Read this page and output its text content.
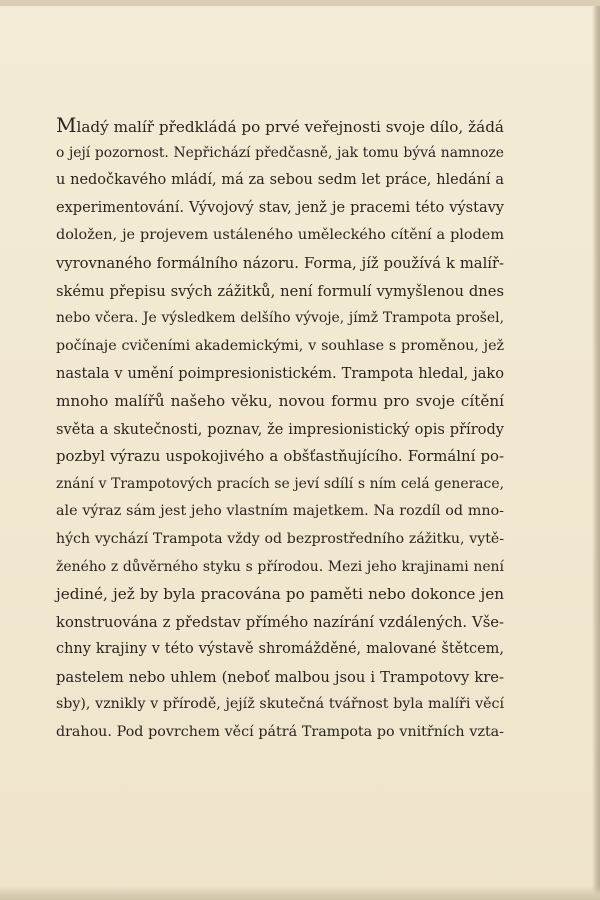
Mladý malíř předkládá po prvé veřejnosti svoje dílo, žádá
o její pozornost. Nepřichází předčasně, jak tomu bývá namnoze
u nedočkavého mládí, má za sebou sedm let práce, hledání a
experimentování. Vývojový stav, jenž je pracemi této výstavy
doložen, je projevem ustáleného uměleckého cítění a plodem
vyrovnaného formálního názoru. Forma, jíž používá k malíř-
skému přepisu svých zážitků, není formulí vymyšlenou dnes
nebo včera. Je výsledkem delšího vývoje, jímž Trampota prošel,
počínaje cvičeními akademickými, v souhlase s proměnou, jež
nastala v umění poimpresionistickém. Trampota hledal, jako
mnoho malířů našeho věku, novou formu pro svoje cítění
světa a skutečnosti, poznav, že impresionistický opis přírody
pozbyl výrazu uspokojivého a obšťastňujícího. Formální po-
znání v Trampotových pracích se jeví sdílí s ním celá generace,
ale výraz sám jest jeho vlastním majetkem. Na rozdíl od mno-
hých vychází Trampota vždy od bezprostředního zážitku, vytě-
ženého z důvěrného styku s přírodou. Mezi jeho krajinami není
jediné, jež by byla pracována po paměti nebo dokonce jen
konstruována z představ přímého nazírání vzdálených. Vše-
chny krajiny v této výstavě shromážděné, malované štětcem,
pastelem nebo uhlem (neboť malbou jsou i Trampotovy kre-
sby), vznikly v přírodě, jejíž skutečná tvářnost byla malíři věcí
drahou. Pod povrchem věcí pátrá Trampota po vnitřních vzta-
